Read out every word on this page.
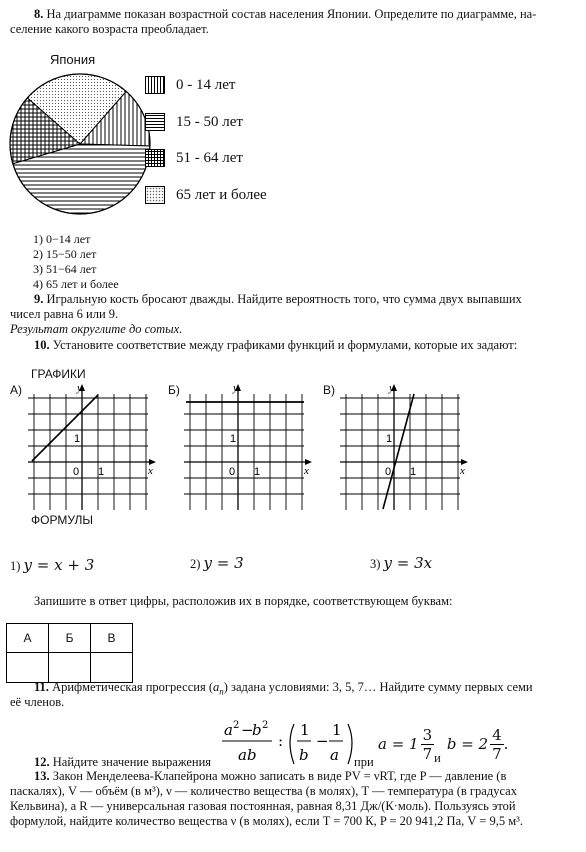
8. На диаграмме показан возрастной состав населения Японии. Определите по диаграмме, на-
селение какого возраста преобладает.
Япония
0 - 14 лет
15 - 50 лет
51 - 64 лет
65 лет и более
1) 0−14 лет
2) 15−50 лет
3) 51−64 лет
4) 65 лет и более
9. Игральную кость бросают дважды. Найдите вероятность того, что сумма двух выпавших
чисел равна 6 или 9.
Результат округлите до сотых.
10. Установите соответствие между графиками функций и формулами, которые их задают:
ГРАФИКИ
А)	Б)	В)
y
1
0 1	x
y
1
0 1	x
y
1
0 1	x
ФОРМУЛЫ
1) y = x + 3	2) y = 3	3) y = 3x
Запишите в ответ цифры, расположив их в порядке, соответствующем буквам:
А	Б	В

11. Арифметическая прогрессия $(a_n)$ задана условиями: 3, 5, 7… Найдите сумму первых семи
её членов.
a 2 −
b 2
ab
:
1
b
−
1
a
12. Найдите значение выражения	при
$a = 1 \frac{3}{7}$ и
$b = 2 \frac{4}{7}$ .
13. Закон Менделеева-Клапейрона можно записать в виде PV = νRT, где P — давление (в
паскалях), V — объём (в м³), ν — количество вещества (в молях), T — температура (в градусах
Кельвина), а R — универсальная газовая постоянная, равная 8,31 Дж/(К·моль). Пользуясь этой
формулой, найдите количество вещества ν (в молях), если T = 700 К, P = 20 941,2 Па, V = 9,5 м³.
